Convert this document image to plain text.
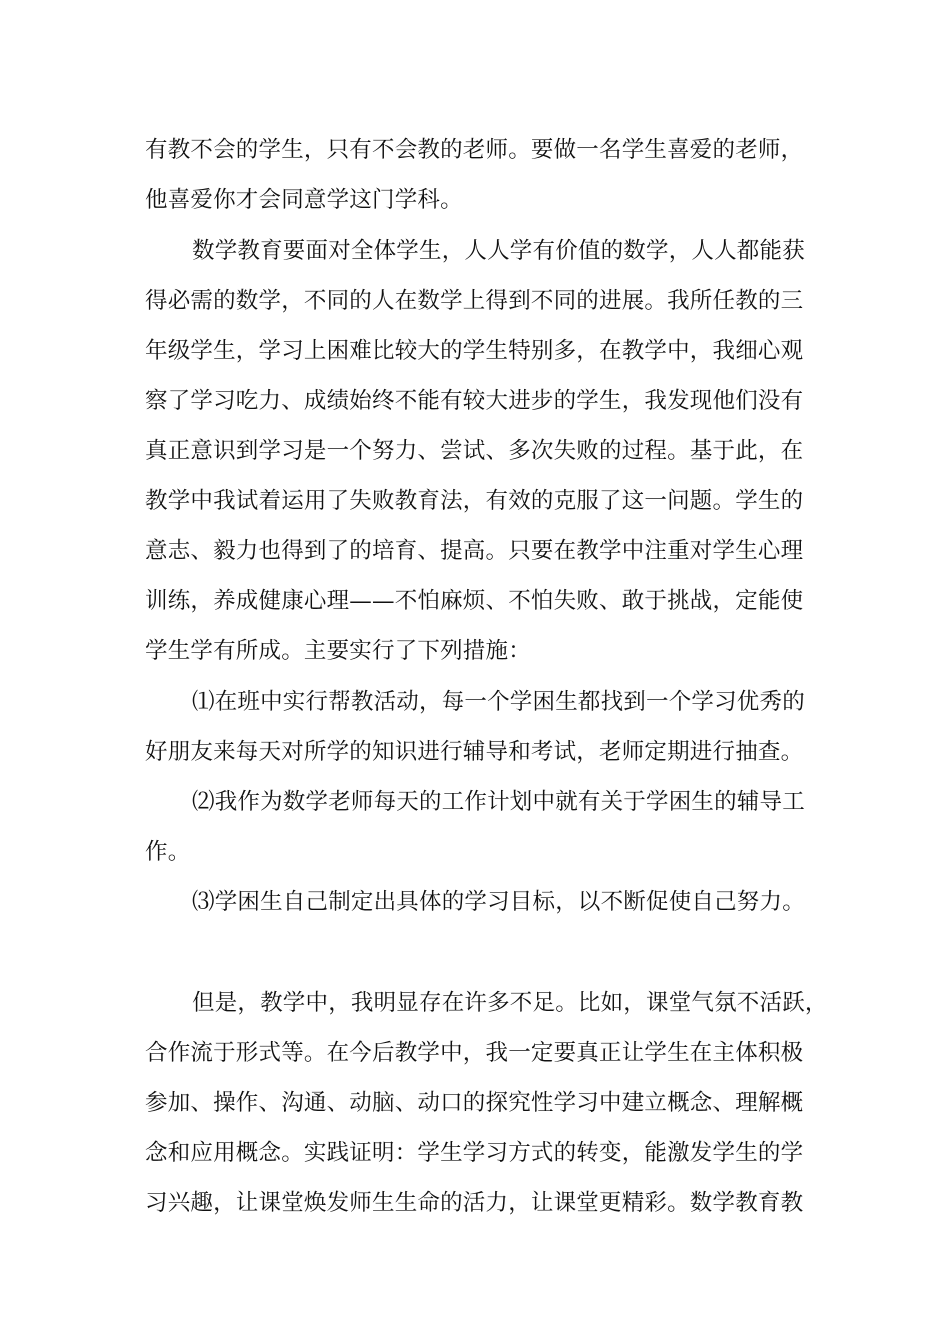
有教不会的学生，只有不会教的老师。要做一名学生喜爱的老师，
他喜爱你才会同意学这门学科。
数学教育要面对全体学生，人人学有价值的数学，人人都能获
得必需的数学，不同的人在数学上得到不同的进展。我所任教的三
年级学生，学习上困难比较大的学生特别多，在教学中，我细心观
察了学习吃力、成绩始终不能有较大进步的学生，我发现他们没有
真正意识到学习是一个努力、尝试、多次失败的过程。基于此，在
教学中我试着运用了失败教育法，有效的克服了这一问题。学生的
意志、毅力也得到了的培育、提高。只要在教学中注重对学生心理
训练，养成健康心理——不怕麻烦、不怕失败、敢于挑战，定能使
学生学有所成。主要实行了下列措施：
⑴在班中实行帮教活动，每一个学困生都找到一个学习优秀的
好朋友来每天对所学的知识进行辅导和考试，老师定期进行抽查。
⑵我作为数学老师每天的工作计划中就有关于学困生的辅导工
作。
⑶学困生自己制定出具体的学习目标，以不断促使自己努力。
但是，教学中，我明显存在许多不足。比如，课堂气氛不活跃，
合作流于形式等。在今后教学中，我一定要真正让学生在主体积极
参加、操作、沟通、动脑、动口的探究性学习中建立概念、理解概
念和应用概念。实践证明：学生学习方式的转变，能激发学生的学
习兴趣，让课堂焕发师生生命的活力，让课堂更精彩。数学教育教
